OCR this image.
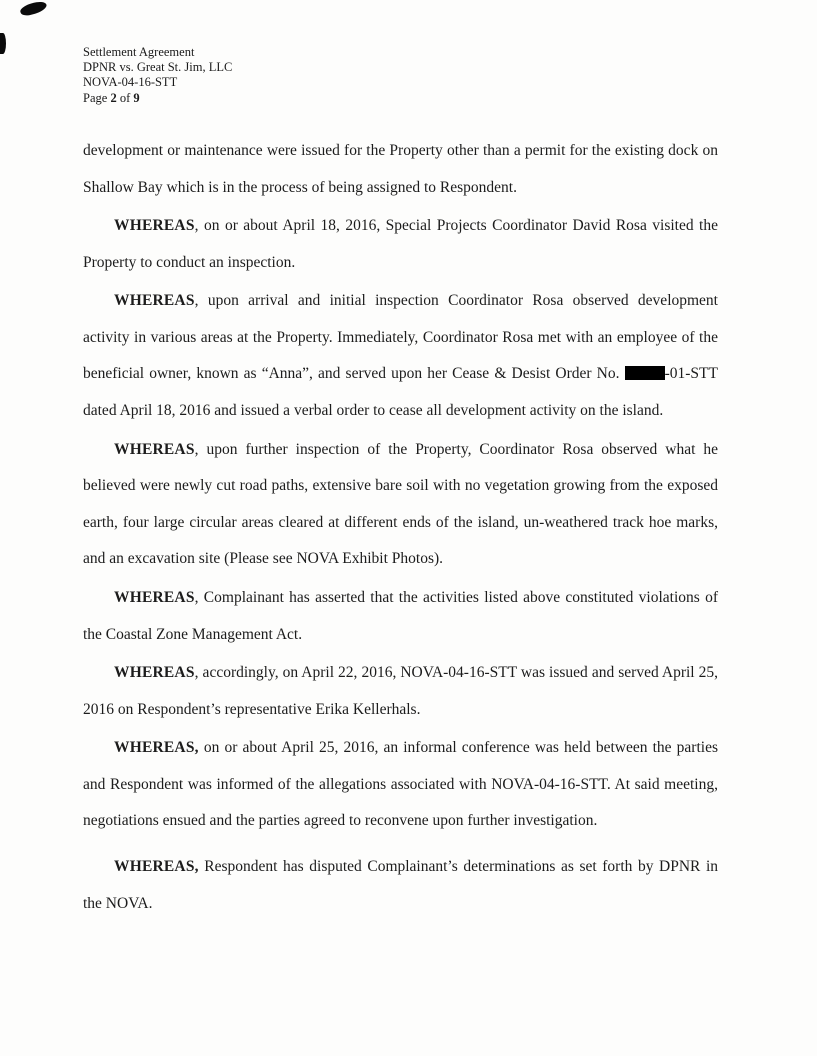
Settlement Agreement
DPNR vs. Great St. Jim, LLC
NOVA-04-16-STT
Page 2 of 9

development or maintenance were issued for the Property other than a permit for the existing dock on Shallow Bay which is in the process of being assigned to Respondent.

WHEREAS, on or about April 18, 2016, Special Projects Coordinator David Rosa visited the Property to conduct an inspection.

WHEREAS, upon arrival and initial inspection Coordinator Rosa observed development activity in various areas at the Property. Immediately, Coordinator Rosa met with an employee of the beneficial owner, known as “Anna”, and served upon her Cease & Desist Order No.	-01-STT dated April 18, 2016 and issued a verbal order to cease all development activity on the island.

WHEREAS, upon further inspection of the Property, Coordinator Rosa observed what he believed were newly cut road paths, extensive bare soil with no vegetation growing from the exposed earth, four large circular areas cleared at different ends of the island, un-weathered track hoe marks, and an excavation site (Please see NOVA Exhibit Photos).

WHEREAS, Complainant has asserted that the activities listed above constituted violations of the Coastal Zone Management Act.

WHEREAS, accordingly, on April 22, 2016, NOVA-04-16-STT was issued and served April 25, 2016 on Respondent’s representative Erika Kellerhals.

WHEREAS, on or about April 25, 2016, an informal conference was held between the parties and Respondent was informed of the allegations associated with NOVA-04-16-STT. At said meeting, negotiations ensued and the parties agreed to reconvene upon further investigation.

WHEREAS, Respondent has disputed Complainant’s determinations as set forth by DPNR in the NOVA.
